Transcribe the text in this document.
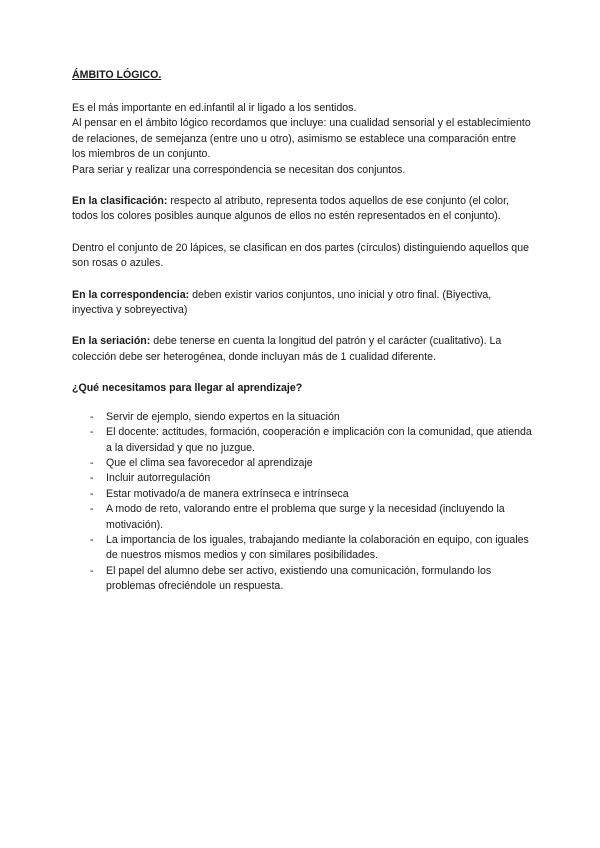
ÁMBITO LÓGICO.

Es el más importante en ed.infantil al ir ligado a los sentidos.
Al pensar en el ámbito lógico recordamos que incluye: una cualidad sensorial y el establecimiento de relaciones, de semejanza (entre uno u otro), asimismo se establece una comparación entre los miembros de un conjunto.
Para seriar y realizar una correspondencia se necesitan dos conjuntos.

En la clasificación: respecto al atributo, representa todos aquellos de ese conjunto (el color, todos los colores posibles aunque algunos de ellos no estén representados en el conjunto).

Dentro el conjunto de 20 lápices, se clasifican en dos partes (círculos) distinguiendo aquellos que son rosas o azules.

En la correspondencia: deben existir varios conjuntos, uno inicial y otro final. (Biyectiva, inyectiva y sobreyectiva)

En la seriación: debe tenerse en cuenta la longitud del patrón y el carácter (cualitativo). La colección debe ser heterogénea, donde incluyan más de 1 cualidad diferente.

¿Qué necesitamos para llegar al aprendizaje?

- Servir de ejemplo, siendo expertos en la situación
- El docente: actitudes, formación, cooperación e implicación con la comunidad, que atienda a la diversidad y que no juzgue.
- Que el clima sea favorecedor al aprendizaje
- Incluir autorregulación
- Estar motivado/a de manera extrínseca e intrínseca
- A modo de reto, valorando entre el problema que surge y la necesidad (incluyendo la motivación).
- La importancia de los iguales, trabajando mediante la colaboración en equipo, con iguales de nuestros mismos medios y con similares posibilidades.
- El papel del alumno debe ser activo, existiendo una comunicación, formulando los problemas ofreciéndole un respuesta.
